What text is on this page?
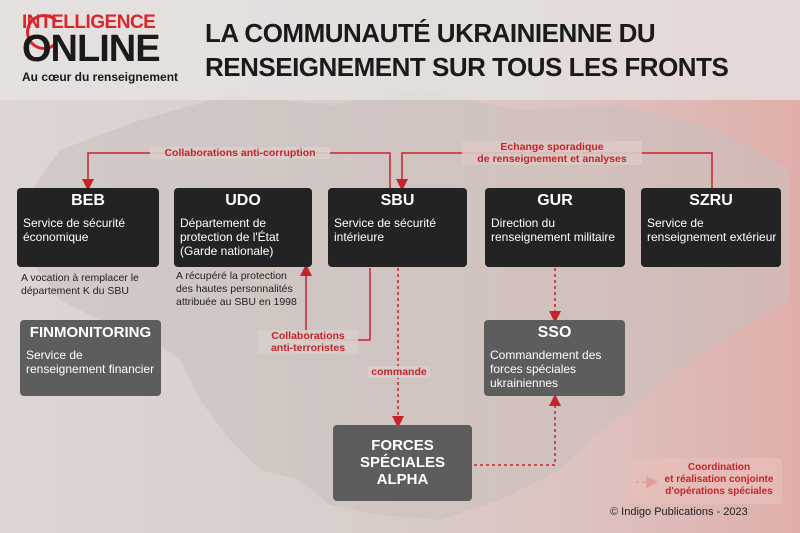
INTELLIGENCE
ONLINE
Au cœur du renseignement
LA COMMUNAUTÉ UKRAINIENNE DU
RENSEIGNEMENT SUR TOUS LES FRONTS
Collaborations anti-corruption	Echange sporadique
de renseignement et analyses
Collaborations
anti-terroristes
commande
BEB
Service de sécurité économique
A vocation à remplacer le département K du SBU
UDO
Département de protection de l'État (Garde nationale)
A récupéré la protection des hautes personnalités attribuée au SBU en 1998
SBU
Service de sécurité intérieure
GUR
Direction du renseignement militaire
SZRU
Service de renseignement extérieur
FINMONITORING
Service de renseignement financier
SSO
Commandement des forces spéciales ukrainiennes
FORCES
SPÉCIALES
ALPHA
Coordination
et réalisation conjointe
d'opérations spéciales
© Indigo Publications - 2023
